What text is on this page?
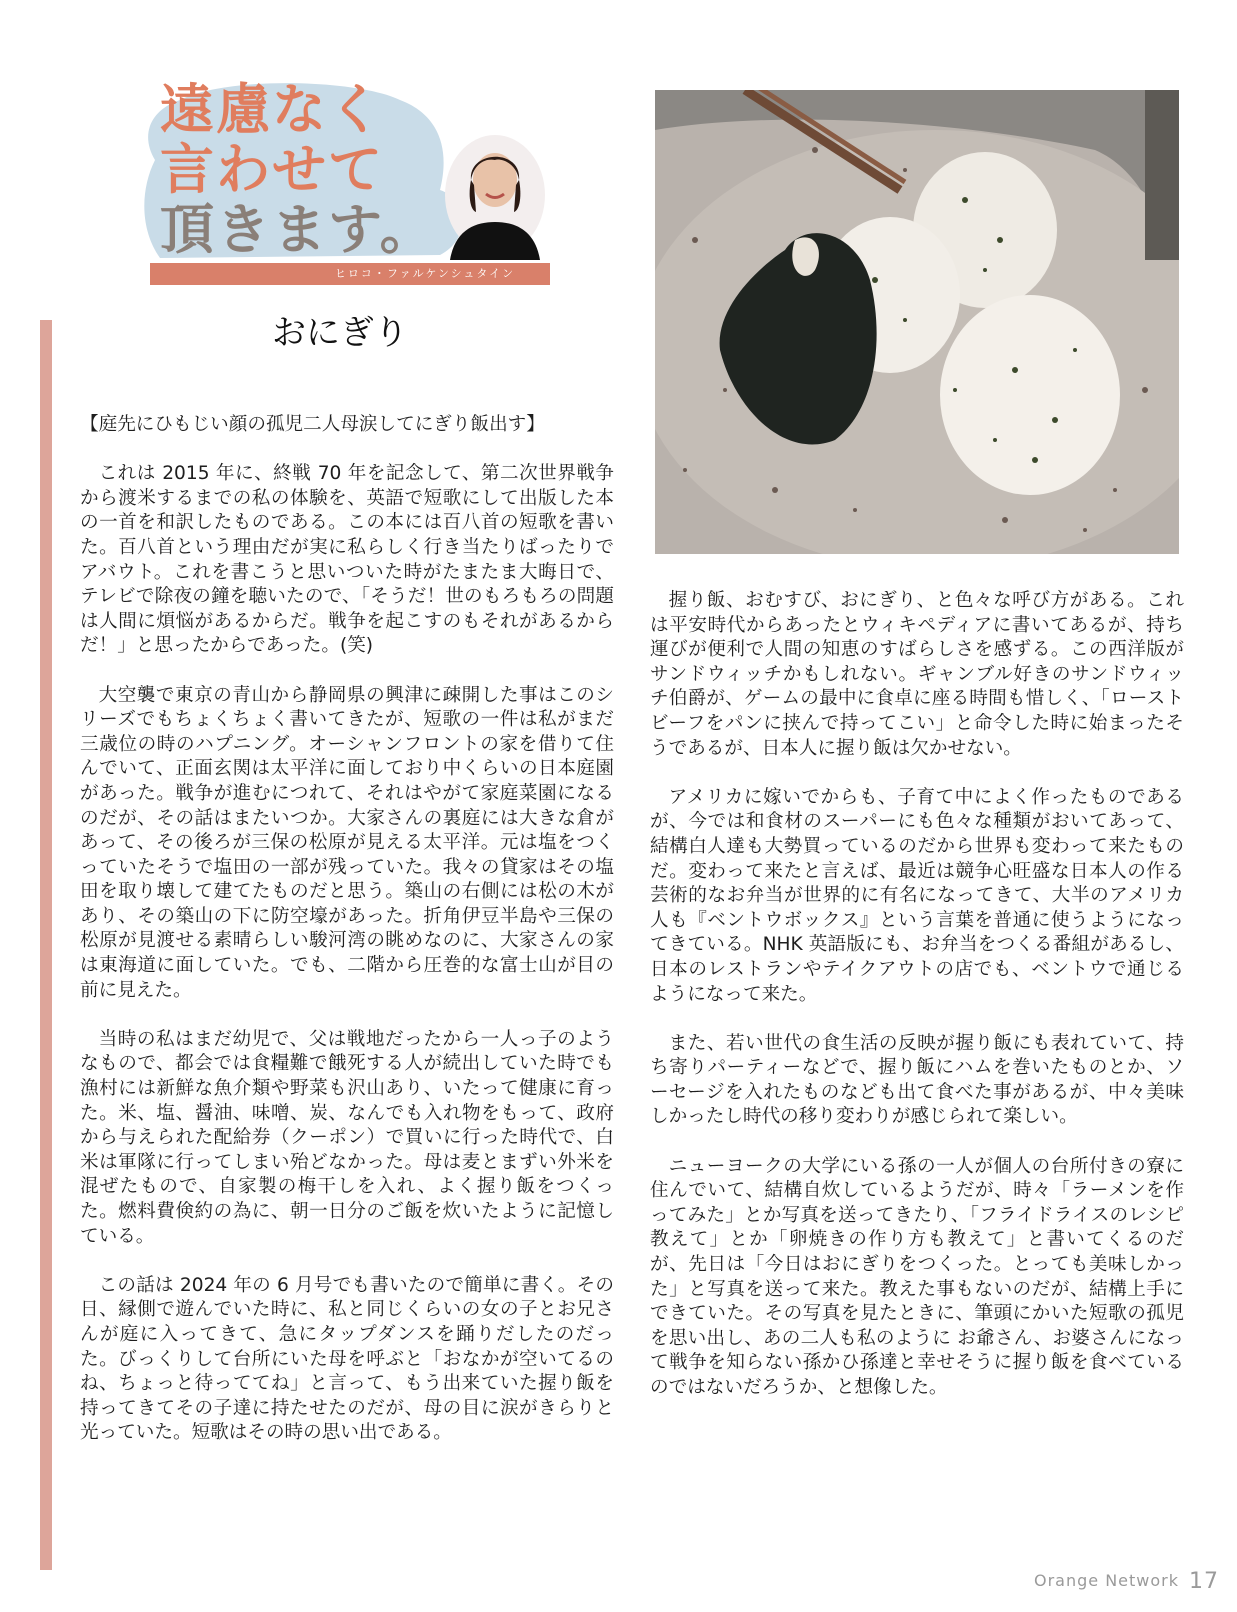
遠慮なく
言わせて
頂きます。
ヒロコ・ファルケンシュタイン
おにぎり

【庭先にひもじい顔の孤児二人母涙してにぎり飯出す】

これは 2015 年に、終戦 70 年を記念して、第二次世界戦争から渡米するまでの私の体験を、英語で短歌にして出版した本の一首を和訳したものである。この本には百八首の短歌を書いた。百八首という理由だが実に私らしく行き当たりばったりでアバウト。これを書こうと思いついた時がたまたま大晦日で、テレビで除夜の鐘を聴いたので、「そうだ！世のもろもろの問題は人間に煩悩があるからだ。戦争を起こすのもそれがあるからだ！」と思ったからであった。(笑)

大空襲で東京の青山から静岡県の興津に疎開した事はこのシリーズでもちょくちょく書いてきたが、短歌の一件は私がまだ三歳位の時のハプニング。オーシャンフロントの家を借りて住んでいて、正面玄関は太平洋に面しており中くらいの日本庭園があった。戦争が進むにつれて、それはやがて家庭菜園になるのだが、その話はまたいつか。大家さんの裏庭には大きな倉があって、その後ろが三保の松原が見える太平洋。元は塩をつくっていたそうで塩田の一部が残っていた。我々の貸家はその塩田を取り壊して建てたものだと思う。築山の右側には松の木があり、その築山の下に防空壕があった。折角伊豆半島や三保の松原が見渡せる素晴らしい駿河湾の眺めなのに、大家さんの家は東海道に面していた。でも、二階から圧巻的な富士山が目の前に見えた。

当時の私はまだ幼児で、父は戦地だったから一人っ子のようなもので、都会では食糧難で餓死する人が続出していた時でも漁村には新鮮な魚介類や野菜も沢山あり、いたって健康に育った。米、塩、醤油、味噌、炭、なんでも入れ物をもって、政府から与えられた配給券（クーポン）で買いに行った時代で、白米は軍隊に行ってしまい殆どなかった。母は麦とまずい外米を混ぜたもので、自家製の梅干しを入れ、よく握り飯をつくった。燃料費倹約の為に、朝一日分のご飯を炊いたように記憶している。

この話は 2024 年の 6 月号でも書いたので簡単に書く。その日、縁側で遊んでいた時に、私と同じくらいの女の子とお兄さんが庭に入ってきて、急にタップダンスを踊りだしたのだった。びっくりして台所にいた母を呼ぶと「おなかが空いてるのね、ちょっと待っててね」と言って、もう出来ていた握り飯を持ってきてその子達に持たせたのだが、母の目に涙がきらりと光っていた。短歌はその時の思い出である。

握り飯、おむすび、おにぎり、と色々な呼び方がある。これは平安時代からあったとウィキペディアに書いてあるが、持ち運びが便利で人間の知恵のすばらしさを感ずる。この西洋版がサンドウィッチかもしれない。ギャンブル好きのサンドウィッチ伯爵が、ゲームの最中に食卓に座る時間も惜しく、「ローストビーフをパンに挟んで持ってこい」と命令した時に始まったそうであるが、日本人に握り飯は欠かせない。

アメリカに嫁いでからも、子育て中によく作ったものであるが、今では和食材のスーパーにも色々な種類がおいてあって、結構白人達も大勢買っているのだから世界も変わって来たものだ。変わって来たと言えば、最近は競争心旺盛な日本人の作る芸術的なお弁当が世界的に有名になってきて、大半のアメリカ人も『ベントウボックス』という言葉を普通に使うようになってきている。NHK 英語版にも、お弁当をつくる番組があるし、日本のレストランやテイクアウトの店でも、ベントウで通じるようになって来た。

また、若い世代の食生活の反映が握り飯にも表れていて、持ち寄りパーティーなどで、握り飯にハムを巻いたものとか、ソーセージを入れたものなども出て食べた事があるが、中々美味しかったし時代の移り変わりが感じられて楽しい。

ニューヨークの大学にいる孫の一人が個人の台所付きの寮に住んでいて、結構自炊しているようだが、時々「ラーメンを作ってみた」とか写真を送ってきたり、「フライドライスのレシピ教えて」とか「卵焼きの作り方も教えて」と書いてくるのだが、先日は「今日はおにぎりをつくった。とっても美味しかった」と写真を送って来た。教えた事もないのだが、結構上手にできていた。その写真を見たときに、筆頭にかいた短歌の孤児を思い出し、あの二人も私のように お爺さん、お婆さんになって戦争を知らない孫かひ孫達と幸せそうに握り飯を食べているのではないだろうか、と想像した。

Orange Network 17
